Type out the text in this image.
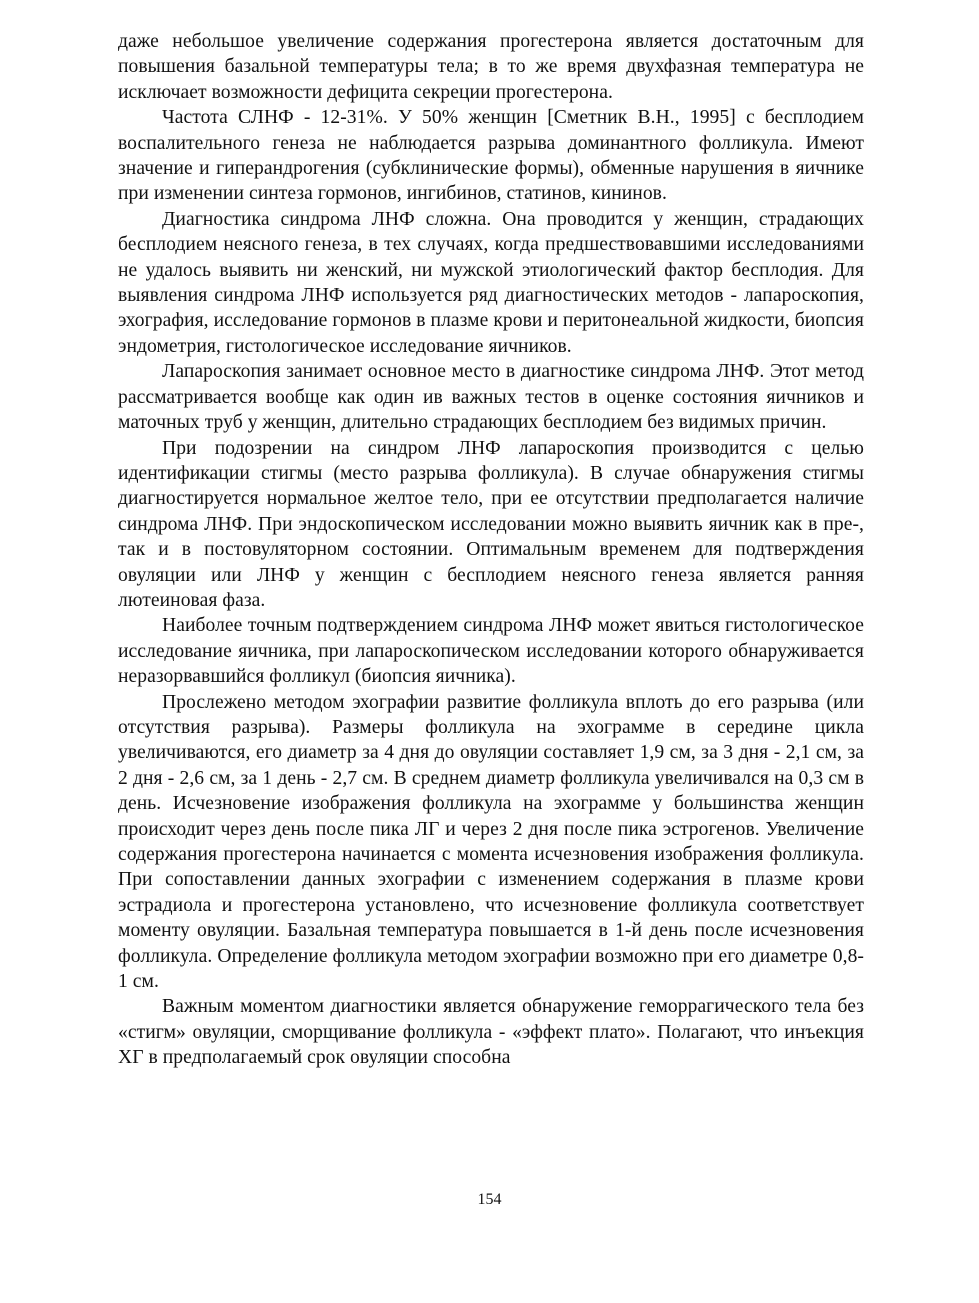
даже небольшое увеличение содержания прогестерона является достаточным для повышения базальной температуры тела; в то же время двухфазная температура не исключает возможности дефицита секреции прогестерона.

Частота СЛНФ - 12-31%. У 50% женщин [Сметник В.Н., 1995] с бесплодием воспалительного генеза не наблюдается разрыва доминантного фолликула. Имеют значение и гиперандрогения (субклинические формы), обменные нарушения в яичнике при изменении синтеза гормонов, ингибинов, статинов, кининов.

Диагностика синдрома ЛНФ сложна. Она проводится у женщин, страдающих бесплодием неясного генеза, в тех случаях, когда предшествовавшими исследованиями не удалось выявить ни женский, ни мужской этиологический фактор бесплодия. Для выявления синдрома ЛНФ используется ряд диагностических методов - лапароскопия, эхография, исследование гормонов в плазме крови и перитонеальной жидкости, биопсия эндометрия, гистологическое исследование яичников.

Лапароскопия занимает основное место в диагностике синдрома ЛНФ. Этот метод рассматривается вообще как один ив важных тестов в оценке состояния яичников и маточных труб у женщин, длительно страдающих бесплодием без видимых причин.

При подозрении на синдром ЛНФ лапароскопия производится с целью идентификации стигмы (место разрыва фолликула). В случае обнаружения стигмы диагностируется нормальное желтое тело, при ее отсутствии предполагается наличие синдрома ЛНФ. При эндоскопическом исследовании можно выявить яичник как в пре-, так и в постовуляторном состоянии. Оптимальным временем для подтверждения овуляции или ЛНФ у женщин с бесплодием неясного генеза является ранняя лютеиновая фаза.

Наиболее точным подтверждением синдрома ЛНФ может явиться гистологическое исследование яичника, при лапароскопическом исследовании которого обнаруживается неразорвавшийся фолликул (биопсия яичника).

Прослежено методом эхографии развитие фолликула вплоть до его разрыва (или отсутствия разрыва). Размеры фолликула на эхограмме в середине цикла увеличиваются, его диаметр за 4 дня до овуляции составляет 1,9 см, за 3 дня - 2,1 см, за 2 дня - 2,6 см, за 1 день - 2,7 см. В среднем диаметр фолликула увеличивался на 0,3 см в день. Исчезновение изображения фолликула на эхограмме у большинства женщин происходит через день после пика ЛГ и через 2 дня после пика эстрогенов. Увеличение содержания прогестерона начинается с момента исчезновения изображения фолликула. При сопоставлении данных эхографии с изменением содержания в плазме крови эстрадиола и прогестерона установлено, что исчезновение фолликула соответствует моменту овуляции. Базальная температура повышается в 1-й день после исчезновения фолликула. Определение фолликула методом эхографии возможно при его диаметре 0,8-1 см.

Важным моментом диагностики является обнаружение геморрагического тела без «стигм» овуляции, сморщивание фолликула - «эффект плато». Полагают, что инъекция ХГ в предполагаемый срок овуляции способна

154
